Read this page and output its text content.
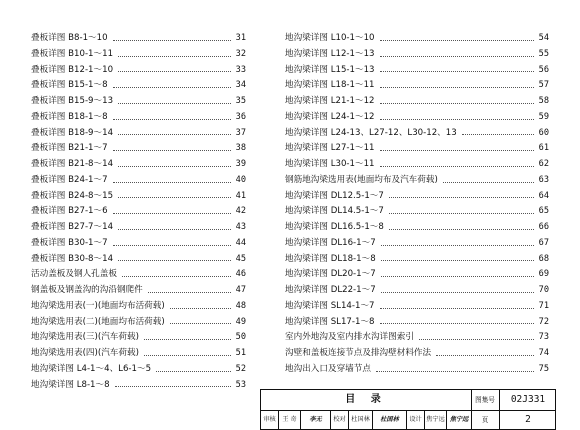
叠板详图 B8-1～10	31
叠板详图 B10-1～11	32
叠板详图 B12-1～10	33
叠板详图 B15-1～8	34
叠板详图 B15-9～13	35
叠板详图 B18-1～8	36
叠板详图 B18-9～14	37
叠板详图 B21-1～7	38
叠板详图 B21-8～14	39
叠板详图 B24-1～7	40
叠板详图 B24-8～15	41
叠板详图 B27-1～6	42
叠板详图 B27-7～14	43
叠板详图 B30-1～7	44
叠板详图 B30-8～14	45
活动盖板及钢人孔盖板	46
钢盖板及钢盖沟的沟沿钢爬件	47
地沟梁选用表(一)(地面均布活荷载)	48
地沟梁选用表(二)(地面均布活荷载)	49
地沟梁选用表(三)(汽车荷载)	50
地沟梁选用表(四)(汽车荷载)	51
地沟梁详图 L4-1～4、L6-1～5	52
地沟梁详图 L8-1～8	53
地沟梁详图 L10-1～10	54
地沟梁详图 L12-1～13	55
地沟梁详图 L15-1～13	56
地沟梁详图 L18-1～11	57
地沟梁详图 L21-1～12	58
地沟梁详图 L24-1～12	59
地沟梁详图 L24-13、L27-12、L30-12、13	60
地沟梁详图 L27-1～11	61
地沟梁详图 L30-1～11	62
钢筋地沟梁选用表(地面均布及汽车荷载)	63
地沟梁详图 DL12.5-1～7	64
地沟梁详图 DL14.5-1～7	65
地沟梁详图 DL16.5-1～8	66
地沟梁详图 DL16-1～7	67
地沟梁详图 DL18-1～8	68
地沟梁详图 DL20-1～7	69
地沟梁详图 DL22-1～7	70
地沟梁详图 SL14-1～7	71
地沟梁详图 SL17-1～8	72
室内外地沟及室内排水沟详图索引	73
沟壁和盖板连接节点及排沟壁材料作法	74
地沟出入口及穿墙节点	75
目 录	图集号	02J331
页	2
审核	王 奇	李无	校对 杜国林	杜国林	设计 焦宁远 焦宁远
